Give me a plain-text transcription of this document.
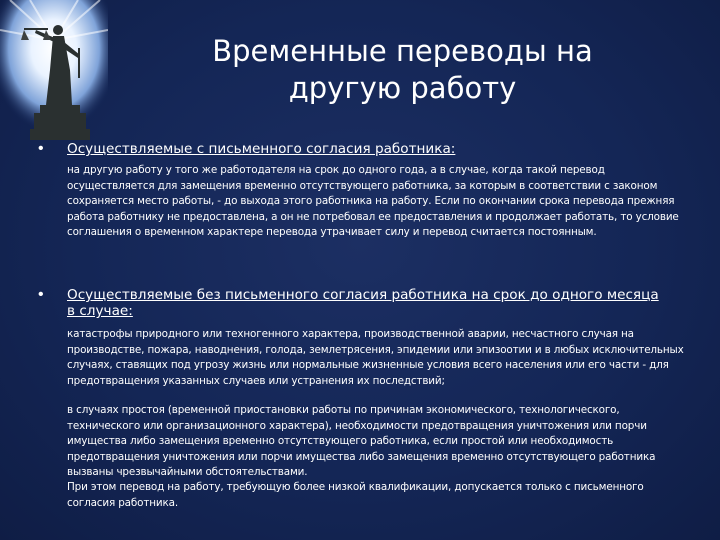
Временные переводы на другую работу
• Осуществляемые с письменного согласия работника:
на другую работу у того же работодателя на срок до одного года, а в случае, когда такой перевод осуществляется для замещения временно отсутствующего работника, за которым в соответствии с законом сохраняется место работы, - до выхода этого работника на работу. Если по окончании срока перевода прежняя работа работнику не предоставлена, а он не потребовал ее предоставления и продолжает работать, то условие соглашения о временном характере перевода утрачивает силу и перевод считается постоянным.
• Осуществляемые без письменного согласия работника на срок до одного месяца в случае:
катастрофы природного или техногенного характера, производственной аварии, несчастного случая на производстве, пожара, наводнения, голода, землетрясения, эпидемии или эпизоотии и в любых исключительных случаях, ставящих под угрозу жизнь или нормальные жизненные условия всего населения или его части - для предотвращения указанных случаев или устранения их последствий;
в случаях простоя (временной приостановки работы по причинам экономического, технологического, технического или организационного характера), необходимости предотвращения уничтожения или порчи имущества либо замещения временно отсутствующего работника, если простой или необходимость предотвращения уничтожения или порчи имущества либо замещения временно отсутствующего работника вызваны чрезвычайными обстоятельствами.
При этом перевод на работу, требующую более низкой квалификации, допускается только с письменного согласия работника.
